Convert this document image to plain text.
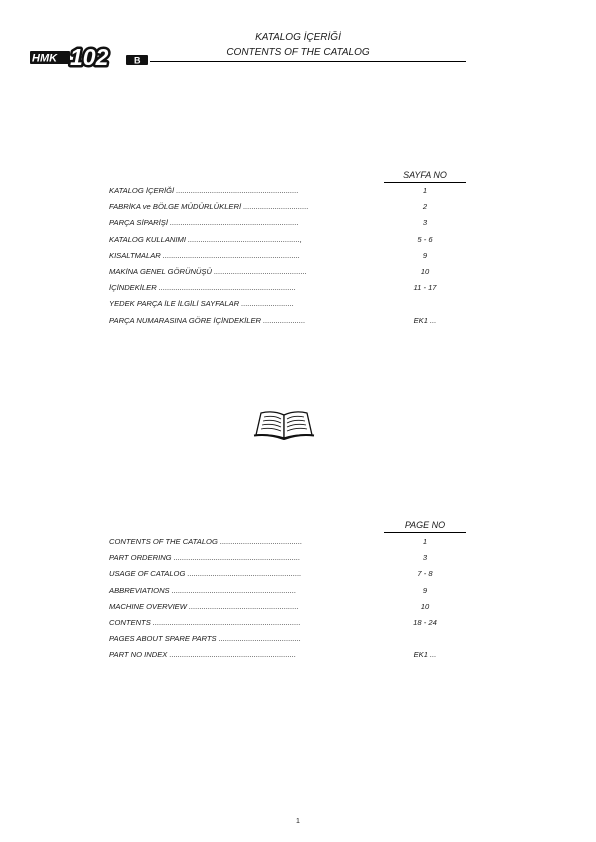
HMK 102	B
KATALOG İÇERİĞİ
CONTENTS OF THE CATALOG
SAYFA NO
KATALOG İÇERİĞİ ..........................................................	1
FABRİKA ve BÖLGE MÜDÜRLÜKLERİ ...............................	2
PARÇA SİPARİŞİ .............................................................	3
KATALOG KULLANIMI .....................................................,	5 - 6
KISALTMALAR .................................................................	9
MAKİNA GENEL GÖRÜNÜŞÜ ............................................	10
İÇİNDEKİLER .................................................................	11 - 17
YEDEK PARÇA İLE İLGİLİ SAYFALAR .........................
PARÇA NUMARASINA GÖRE İÇİNDEKİLER ....................	EK1 ...
PAGE NO
CONTENTS OF THE CATALOG .......................................	1
PART ORDERING ............................................................	3
USAGE OF CATALOG ......................................................	7 - 8
ABBREVIATIONS ...........................................................	9
MACHINE OVERVIEW ....................................................	10
CONTENTS ......................................................................	18 - 24
PAGES ABOUT SPARE PARTS .......................................
PART NO INDEX ............................................................	EK1 ...
1
